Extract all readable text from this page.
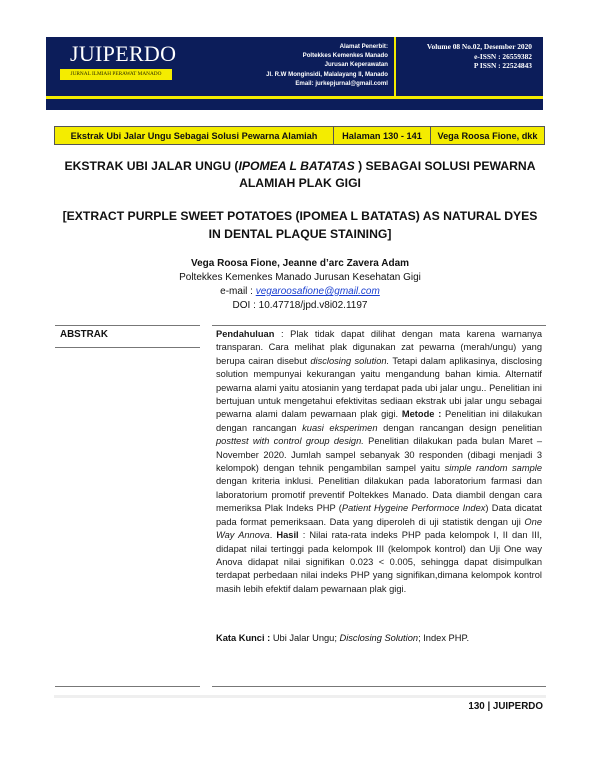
JUIPERDO
JURNAL ILMIAH PERAWAT MANADO
Alamat Penerbit:
Poltekkes Kemenkes Manado
Jurusan Keperawatan
Jl. R.W Monginsidi, Malalayang II, Manado
Email: jurkepjurnal@gmail.coml
Volume 08 No.02, Desember 2020
e-ISSN : 26559382
P ISSN : 22524843
Ekstrak Ubi Jalar Ungu Sebagai Solusi Pewarna Alamiah	Halaman 130 - 141	Vega Roosa Fione, dkk
EKSTRAK UBI JALAR UNGU (IPOMEA L BATATAS ) SEBAGAI SOLUSI PEWARNA ALAMIAH PLAK GIGI
[EXTRACT PURPLE SWEET POTATOES (IPOMEA L BATATAS) AS NATURAL DYES IN DENTAL PLAQUE STAINING]
Vega Roosa Fione, Jeanne d’arc Zavera Adam
Poltekkes Kemenkes Manado Jurusan Kesehatan Gigi
e-mail : vegaroosafione@gmail.com
DOI : 10.47718/jpd.v8i02.1197
ABSTRAK	Pendahuluan : Plak tidak dapat dilihat dengan mata karena warnanya transparan. Cara melihat plak digunakan zat pewarna (merah/ungu) yang berupa cairan disebut disclosing solution. Tetapi dalam aplikasinya, disclosing solution mempunyai kekurangan yaitu mengandung bahan kimia. Alternatif pewarna alami yaitu atosianin yang terdapat pada ubi jalar ungu.. Penelitian ini bertujuan untuk mengetahui efektivitas sediaan ekstrak ubi jalar ungu sebagai pewarna alami dalam pewarnaan plak gigi. Metode : Penelitian ini dilakukan dengan rancangan kuasi eksperimen dengan rancangan design penelitian posttest with control group design. Penelitian dilakukan pada bulan Maret – November 2020. Jumlah sampel sebanyak 30 responden (dibagi menjadi 3 kelompok) dengan tehnik pengambilan sampel yaitu simple random sample dengan kriteria inklusi. Penelitian dilakukan pada laboratorium farmasi dan laboratorium promotif preventif Poltekkes Manado. Data diambil dengan cara memeriksa Plak Indeks PHP (Patient Hygeine Performoce Index) Data dicatat pada format pemeriksaan. Data yang diperoleh di uji statistik dengan uji One Way Annova. Hasil : Nilai rata-rata indeks PHP pada kelompok I, II dan III, didapat nilai tertinggi pada kelompok III (kelompok kontrol) dan Uji One way Anova didapat nilai signifikan 0.023 < 0.005, sehingga dapat disimpulkan terdapat perbedaan nilai indeks PHP yang signifikan,dimana kelompok kontrol masih lebih efektif dalam pewarnaan plak gigi.
Kata Kunci : Ubi Jalar Ungu; Disclosing Solution; Index PHP.
130 | JUIPERDO
